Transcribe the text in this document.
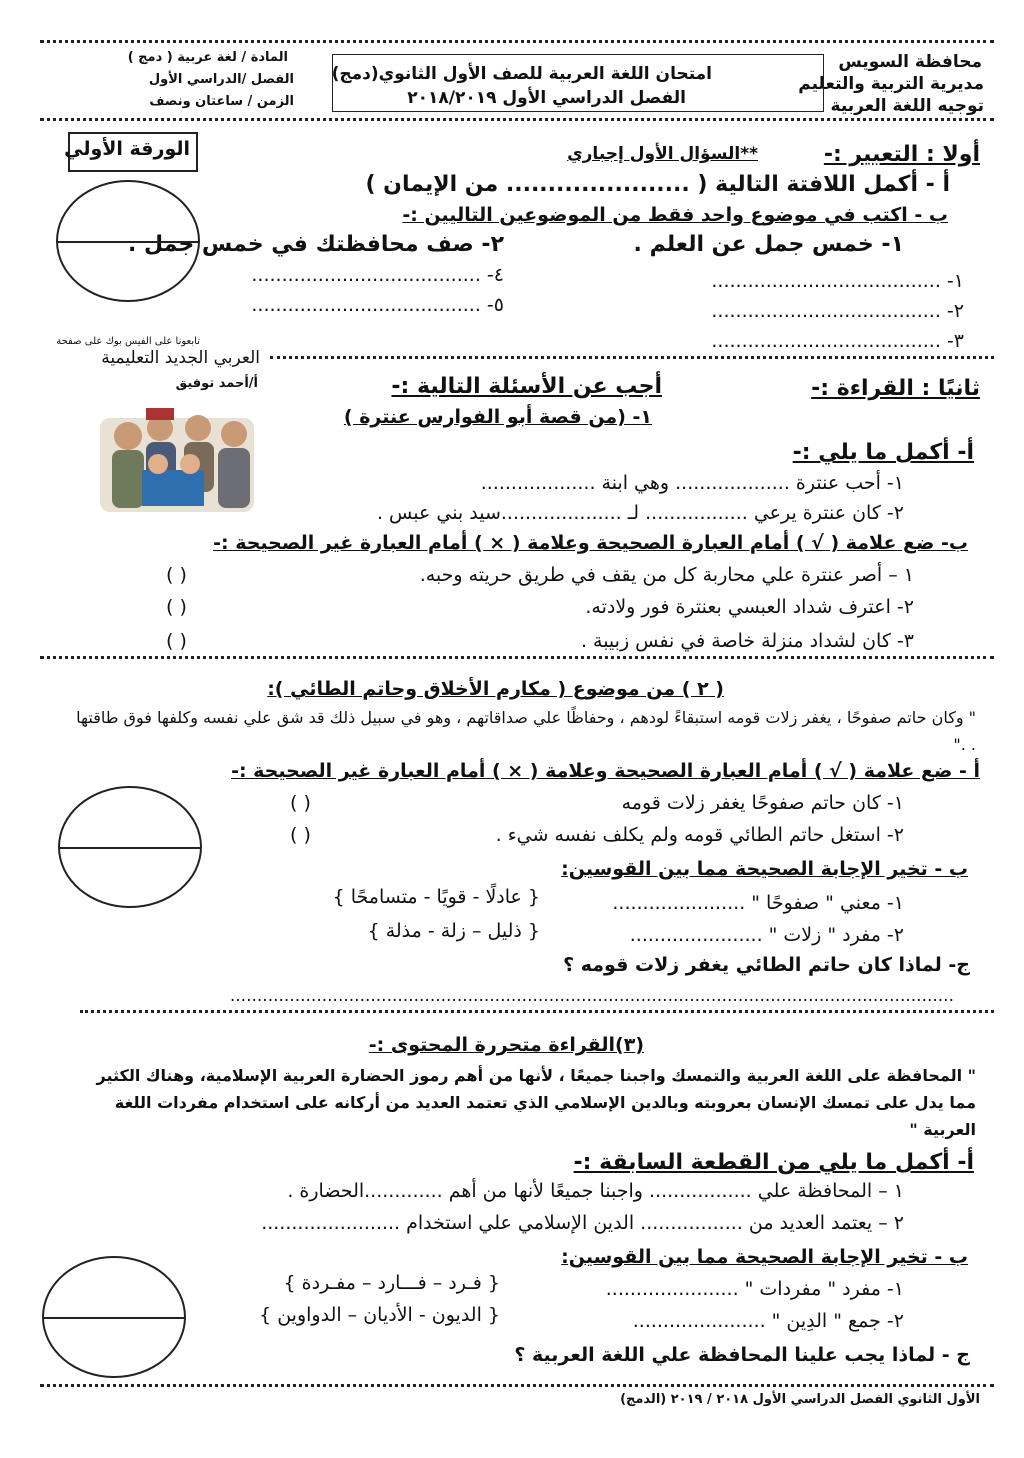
محافظة السويس
مديرية التربية والتعليم
توجيه اللغة العربية
امتحان اللغة العربية للصف الأول الثانوي(دمج)
الفصل الدراسي الأول ٢٠١٨/٢٠١٩
المادة / لغة عربية ( دمج )
الفصل /الدراسي الأول
الزمن / ساعتان ونصف
الورقة الأولي	أولا : التعبير :-
**السؤال الأول إجباري
أ - أكمل اللافتة التالية ( ...................... من الإيمان )
ب - اكتب في موضوع واحد فقط من الموضوعين التاليين :-
١- خمس جمل عن العلم .
٢- صف محافظتك في خمس جمل .
١- ......................................
٢- ......................................
٣- ......................................
٤- ......................................
٥- ......................................
تابعونا على الفيس بوك على صفحة
العربي الجديد التعليمية
أ/أحمد توفيق	ثانيًا : القراءة :-
أجب عن الأسئلة التالية :-
١- (من قصة أبو الفوارس عنترة )
أ- أكمل ما يلي :-
١- أحب عنترة ................... وهي ابنة ...................
٢- كان عنترة يرعي ................. لـ ....................سيد بني عبس .
ب- ضع علامة ( √ ) أمام العبارة الصحيحة وعلامة ( × ) أمام العبارة غير الصحيحة :-
١ – أصر عنترة علي محاربة كل من يقف في طريق حريته وحبه.
٢- اعترف شداد العبسي بعنترة فور ولادته.
٣- كان لشداد منزلة خاصة في نفس زبيبة .
( )
( )
( )
( ٢ ) من موضوع ( مكارم الأخلاق وحاتم الطائي ):
" وكان حاتم صفوحًا ، يغفر زلات قومه استبقاءً لودهم ، وحفاظًا علي صداقاتهم ، وهو في سبيل ذلك قد شق علي نفسه وكلفها فوق طاقتها . ."
أ - ضع علامة ( √ ) أمام العبارة الصحيحة وعلامة ( × ) أمام العبارة غير الصحيحة :-
١- كان حاتم صفوحًا يغفر زلات قومه
٢- استغل حاتم الطائي قومه ولم يكلف نفسه شيء .
( )
( )
ب - تخير الإجابة الصحيحة مما بين القوسين:
١- معني " صفوحًا " ......................
{ عادلًا - قويًا - متسامحًا }
٢- مفرد " زلات " ......................
{ ذليل – زلة - مذلة }
ج- لماذا كان حاتم الطائي يغفر زلات قومه ؟
......................................................................................................................................
(٣)القراءة متحررة المحتوى :-
" المحافظة على اللغة العربية والتمسك واجبنا جميعًا ، لأنها من أهم رموز الحضارة العربية الإسلامية، وهناك الكثير مما يدل على تمسك الإنسان بعروبته وبالدين الإسلامي الذي تعتمد العديد من أركانه على استخدام مفردات اللغة العربية "
أ- أكمل ما يلي من القطعة السابقة :-
١ – المحافظة علي ................. واجبنا جميعًا لأنها من أهم .............الحضارة .
٢ – يعتمد العديد من ................. الدين الإسلامي علي استخدام .......................
ب - تخير الإجابة الصحيحة مما بين القوسين:
١- مفرد " مفردات " ......................
{ فـرد – فـــارد – مفـردة }
٢- جمع " الدِين " ......................
{ الديون - الأديان – الدواوين }
ج - لماذا يجب علينا المحافظة علي اللغة العربية ؟
الأول الثانوي الفصل الدراسي الأول ٢٠١٨ / ٢٠١٩ (الدمج)
